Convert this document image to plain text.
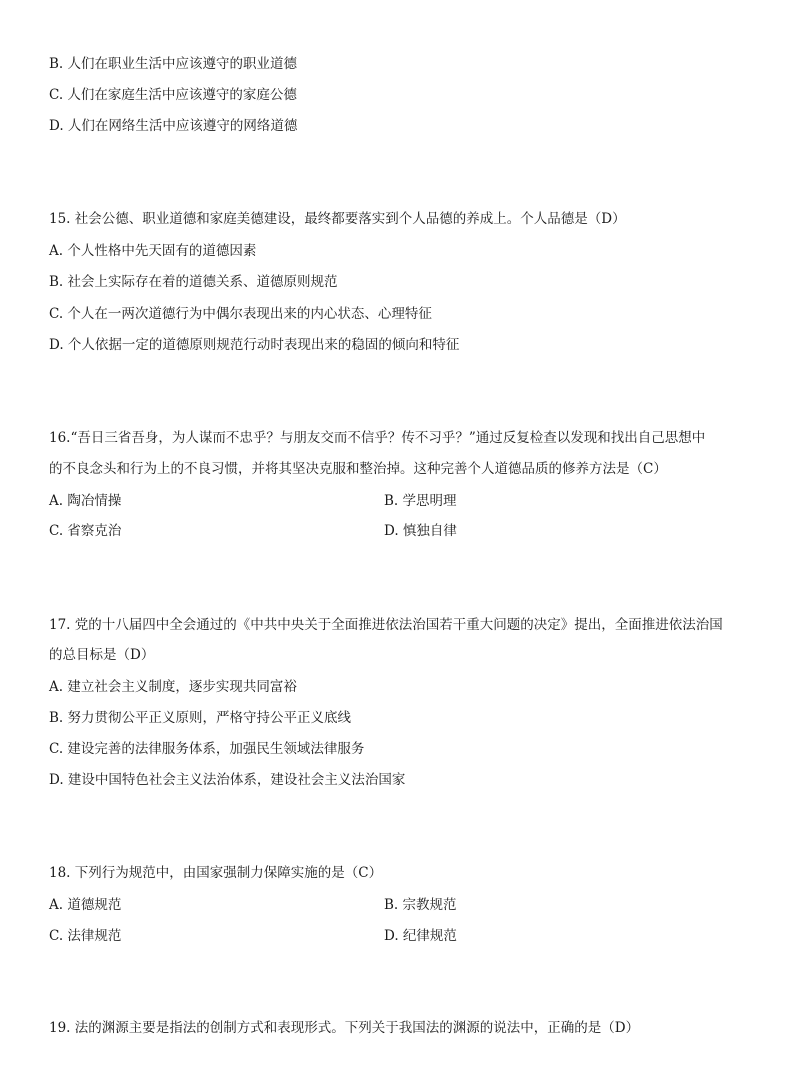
B. 人们在职业生活中应该遵守的职业道德
C. 人们在家庭生活中应该遵守的家庭公德
D. 人们在网络生活中应该遵守的网络道德
15. 社会公德、职业道德和家庭美德建设，最终都要落实到个人品德的养成上。个人品德是（D）
A. 个人性格中先天固有的道德因素
B. 社会上实际存在着的道德关系、道德原则规范
C. 个人在一两次道德行为中偶尔表现出来的内心状态、心理特征
D. 个人依据一定的道德原则规范行动时表现出来的稳固的倾向和特征
16.“吾日三省吾身，为人谋而不忠乎？与朋友交而不信乎？传不习乎？”通过反复检查以发现和找出自己思想中
的不良念头和行为上的不良习惯，并将其坚决克服和整治掉。这种完善个人道德品质的修养方法是（C）
A. 陶冶情操	B. 学思明理
C. 省察克治	D. 慎独自律
17. 党的十八届四中全会通过的《中共中央关于全面推进依法治国若干重大问题的决定》提出，全面推进依法治国
的总目标是（D）
A. 建立社会主义制度，逐步实现共同富裕
B. 努力贯彻公平正义原则，严格守持公平正义底线
C. 建设完善的法律服务体系，加强民生领域法律服务
D. 建设中国特色社会主义法治体系，建设社会主义法治国家
18. 下列行为规范中，由国家强制力保障实施的是（C）
A. 道德规范	B. 宗教规范
C. 法律规范	D. 纪律规范
19. 法的渊源主要是指法的创制方式和表现形式。下列关于我国法的渊源的说法中，正确的是（D）
